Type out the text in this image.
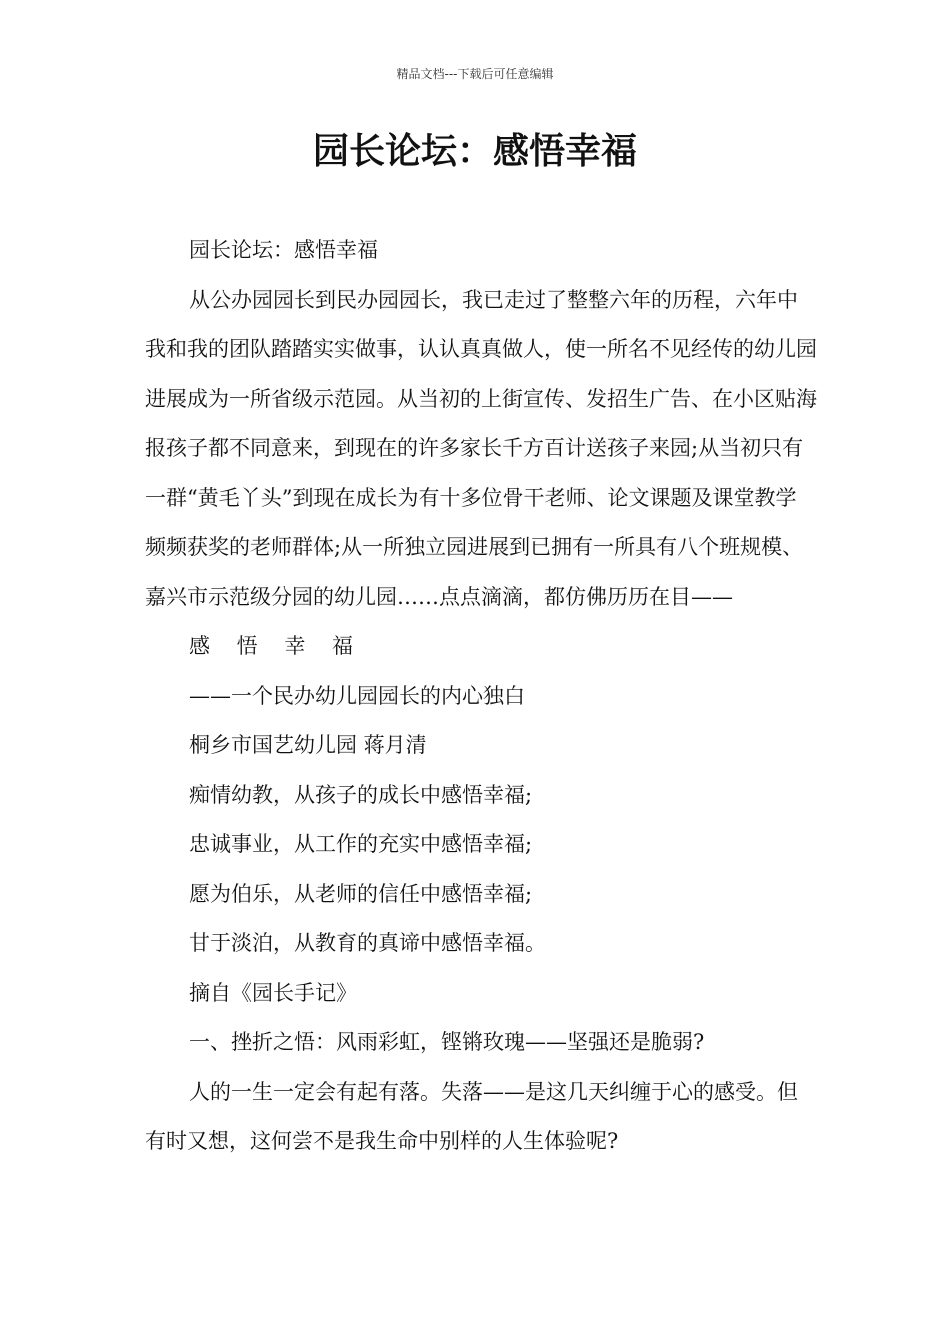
精品文档---下载后可任意编辑
园长论坛：感悟幸福

园长论坛：感悟幸福

从公办园园长到民办园园长，我已走过了整整六年的历程，六年中我和我的团队踏踏实实做事，认认真真做人，使一所名不见经传的幼儿园进展成为一所省级示范园。从当初的上街宣传、发招生广告、在小区贴海报孩子都不同意来，到现在的许多家长千方百计送孩子来园;从当初只有一群“黄毛丫头”到现在成长为有十多位骨干老师、论文课题及课堂教学频频获奖的老师群体;从一所独立园进展到已拥有一所具有八个班规模、嘉兴市示范级分园的幼儿园……点点滴滴，都仿佛历历在目——

感 悟 幸 福

——一个民办幼儿园园长的内心独白

桐乡市国艺幼儿园 蒋月清

痴情幼教，从孩子的成长中感悟幸福;

忠诚事业，从工作的充实中感悟幸福;

愿为伯乐，从老师的信任中感悟幸福;

甘于淡泊，从教育的真谛中感悟幸福。

摘自《园长手记》

一、挫折之悟：风雨彩虹，铿锵玫瑰——坚强还是脆弱?

人的一生一定会有起有落。失落——是这几天纠缠于心的感受。但有时又想，这何尝不是我生命中别样的人生体验呢?
